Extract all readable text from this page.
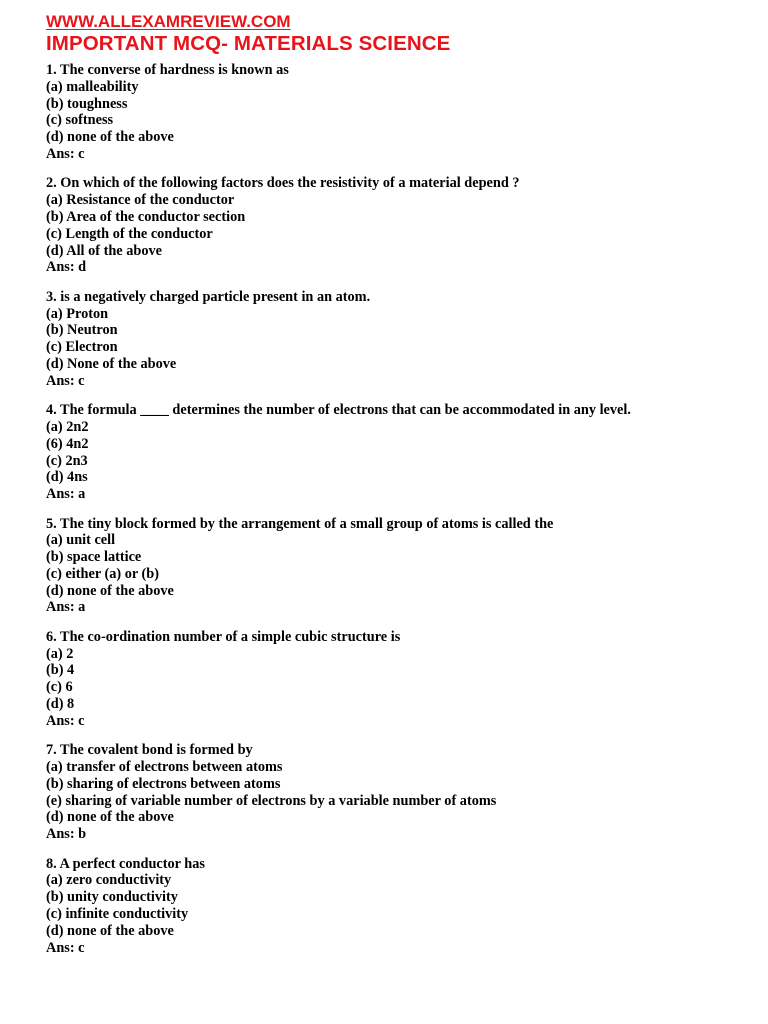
WWW.ALLEXAMREVIEW.COM
IMPORTANT MCQ- MATERIALS SCIENCE
1. The converse of hardness is known as
(a) malleability
(b) toughness
(c) softness
(d) none of the above
Ans: c
2. On which of the following factors does the resistivity of a material depend ?
(a) Resistance of the conductor
(b) Area of the conductor section
(c) Length of the conductor
(d) All of the above
Ans: d
3. is a negatively charged particle present in an atom.
(a) Proton
(b) Neutron
(c) Electron
(d) None of the above
Ans: c
4. The formula ____ determines the number of electrons that can be accommodated in any level.
(a) 2n2
(6) 4n2
(c) 2n3
(d) 4ns
Ans: a
5. The tiny block formed by the arrangement of a small group of atoms is called the
(a) unit cell
(b) space lattice
(c) either (a) or (b)
(d) none of the above
Ans: a
6. The co-ordination number of a simple cubic structure is
(a) 2
(b) 4
(c) 6
(d) 8
Ans: c
7. The covalent bond is formed by
(a) transfer of electrons between atoms
(b) sharing of electrons between atoms
(e) sharing of variable number of electrons by a variable number of atoms
(d) none of the above
Ans: b
8. A perfect conductor has
(a) zero conductivity
(b) unity conductivity
(c) infinite conductivity
(d) none of the above
Ans: c
